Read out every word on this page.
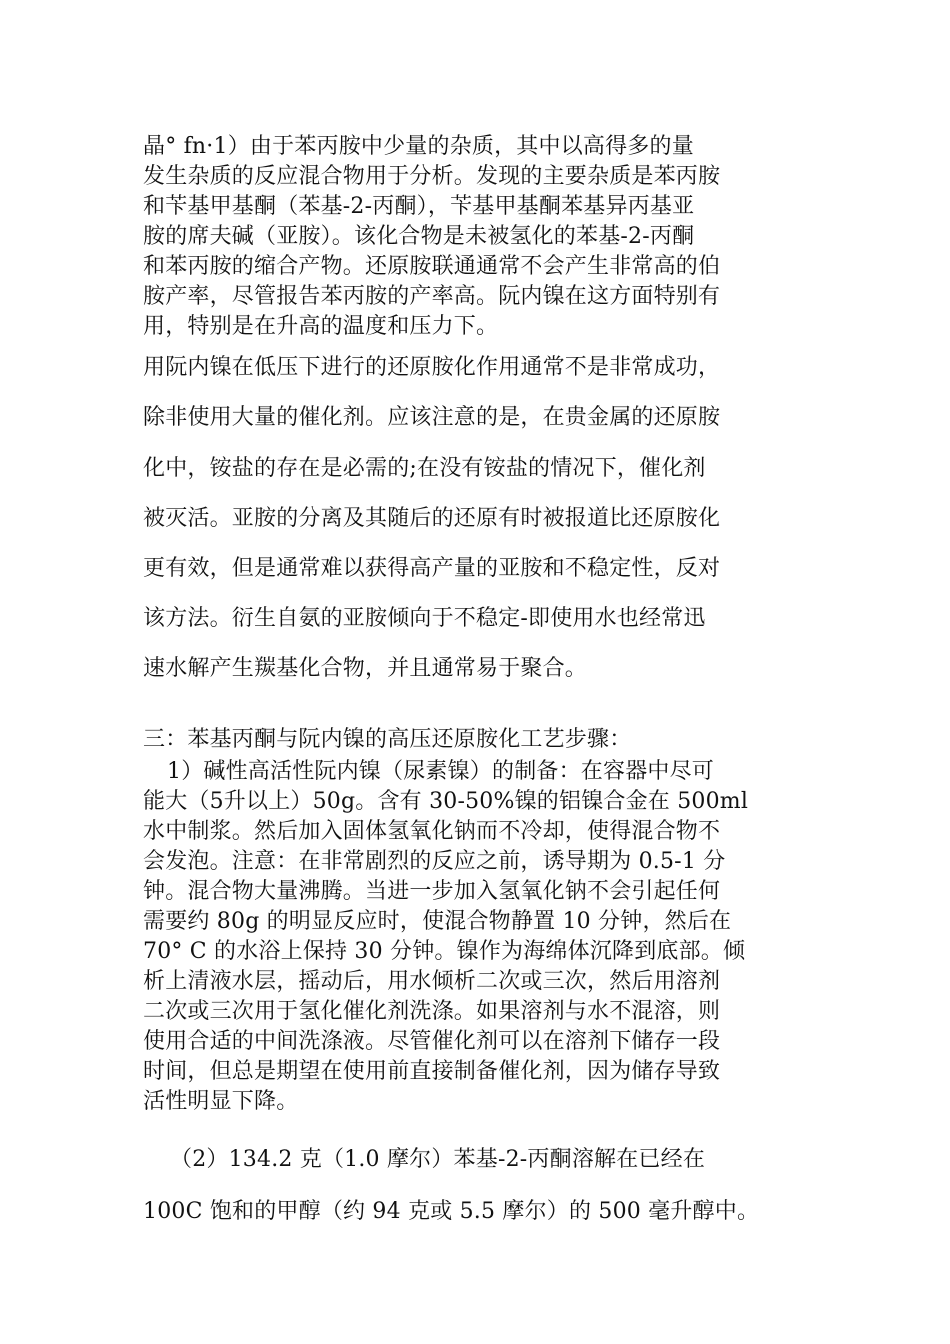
晶° fn·1）由于苯丙胺中少量的杂质，其中以高得多的量
发生杂质的反应混合物用于分析。发现的主要杂质是苯丙胺
和苄基甲基酮（苯基-2-丙酮），苄基甲基酮苯基异丙基亚
胺的席夫碱（亚胺）。该化合物是未被氢化的苯基-2-丙酮
和苯丙胺的缩合产物。还原胺联通通常不会产生非常高的伯
胺产率，尽管报告苯丙胺的产率高。阮内镍在这方面特别有
用，特别是在升高的温度和压力下。
用阮内镍在低压下进行的还原胺化作用通常不是非常成功，
除非使用大量的催化剂。应该注意的是，在贵金属的还原胺
化中，铵盐的存在是必需的;在没有铵盐的情况下，催化剂
被灭活。亚胺的分离及其随后的还原有时被报道比还原胺化
更有效，但是通常难以获得高产量的亚胺和不稳定性，反对
该方法。衍生自氨的亚胺倾向于不稳定-即使用水也经常迅
速水解产生羰基化合物，并且通常易于聚合。
三：苯基丙酮与阮内镍的高压还原胺化工艺步骤：
1）碱性高活性阮内镍（尿素镍）的制备：在容器中尽可
能大（5升以上）50g。含有 30-50%镍的铝镍合金在 500ml
水中制浆。然后加入固体氢氧化钠而不冷却，使得混合物不
会发泡。注意：在非常剧烈的反应之前，诱导期为 0.5-1 分
钟。混合物大量沸腾。当进一步加入氢氧化钠不会引起任何
需要约 80g 的明显反应时，使混合物静置 10 分钟，然后在
70° C 的水浴上保持 30 分钟。镍作为海绵体沉降到底部。倾
析上清液水层，摇动后，用水倾析二次或三次，然后用溶剂
二次或三次用于氢化催化剂洗涤。如果溶剂与水不混溶，则
使用合适的中间洗涤液。尽管催化剂可以在溶剂下储存一段
时间，但总是期望在使用前直接制备催化剂，因为储存导致
活性明显下降。
（2）134.2 克（1.0 摩尔）苯基-2-丙酮溶解在已经在
100C 饱和的甲醇（约 94 克或 5.5 摩尔）的 500 毫升醇中。
